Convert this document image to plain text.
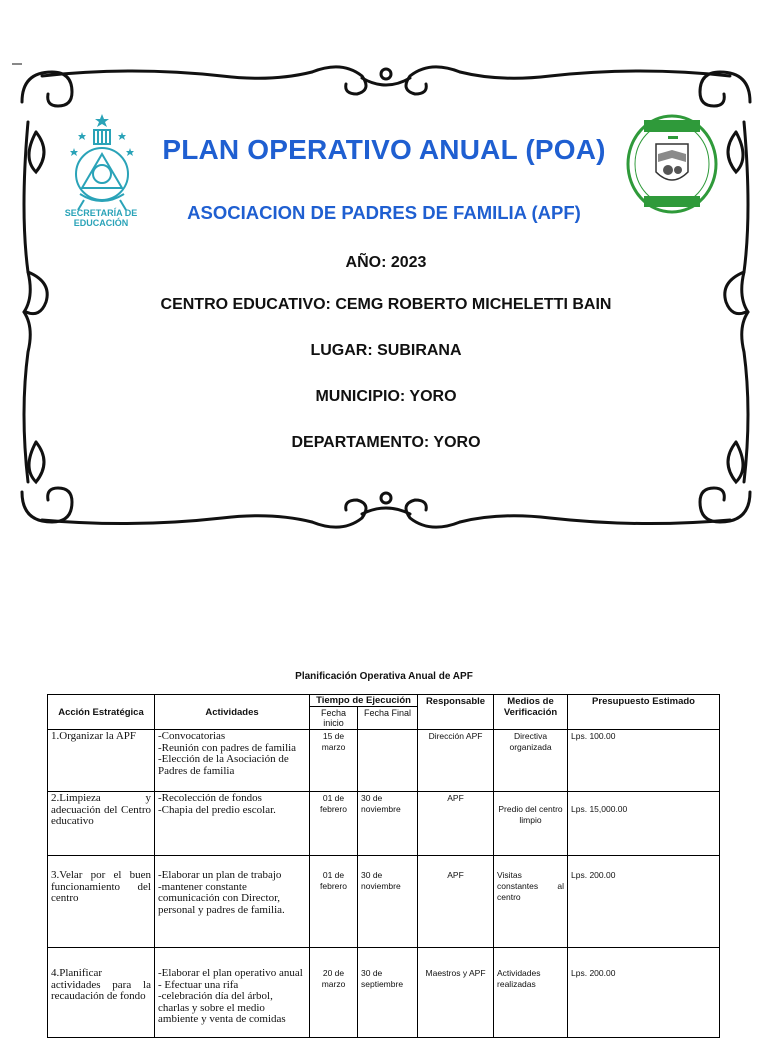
SECRETARÍA DE EDUCACIÓN
PLAN OPERATIVO ANUAL (POA)
ASOCIACION DE PADRES DE FAMILIA (APF)
AÑO: 2023
CENTRO EDUCATIVO: CEMG ROBERTO MICHELETTI BAIN
LUGAR: SUBIRANA
MUNICIPIO: YORO
DEPARTAMENTO: YORO
Planificación Operativa Anual de APF
Acción Estratégica	Actividades	Tiempo de Ejecución		Responsable	Medios de Verificación	Presupuesto Estimado
		Fecha inicio	Fecha Final			
1.Organizar la APF	-Convocatorias
-Reunión con padres de familia
-Elección de la Asociación de Padres de familia	15 de marzo		Dirección APF	Directiva organizada	Lps. 100.00
2.Limpieza y adecuación del Centro educativo	-Recolección de fondos
-Chapia del predio escolar.	01 de febrero	30 de noviembre	APF	Predio del centro limpio	Lps. 15,000.00
3.Velar por el buen funcionamiento del centro	-Elaborar un plan de trabajo
-mantener constante comunicación con Director, personal y padres de familia.	01 de febrero	30 de noviembre	APF	Visitas constantes al centro	Lps. 200.00
4.Planificar actividades para la recaudación de fondo	-Elaborar el plan operativo anual
- Efectuar una rifa
-celebración día del árbol, charlas y sobre el medio ambiente y venta de comidas	20 de marzo	30 de septiembre	Maestros y APF	Actividades realizadas	Lps. 200.00
